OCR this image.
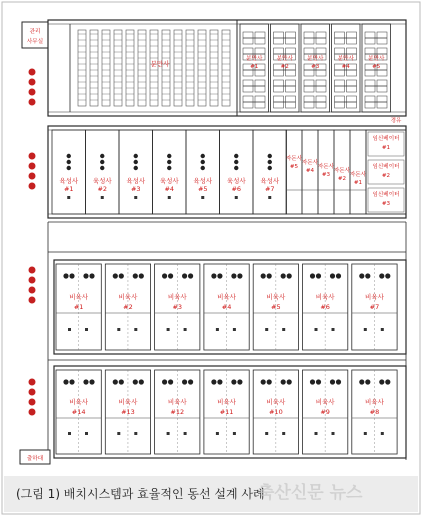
관리
사무실
분만사
#1
분만사
#2
분만사
#3
분만사
#4
분만사
#5
분만사
경유
육성사
#1
육성사
#2
육성사
#3
육성사
#4
육성사
#5
육성사
#6
육성사
#7
자돈사
#5
자돈사
#4
자돈사
#3
자돈사
#2
자돈사
#1
임신베이터
#1
임신베이터
#2
임신베이터
#3
비육사
#1
비육사
#2
비육사
#3
비육사
#4
비육사
#5
비육사
#6
비육사
#7
비육사
#14
비육사
#13
비육사
#12
비육사
#11
비육사
#10
비육사
#9
비육사
#8
출하대
(그림 1) 배치시스템과 효율적인 동선 설계 사례
축산신문 뉴스
